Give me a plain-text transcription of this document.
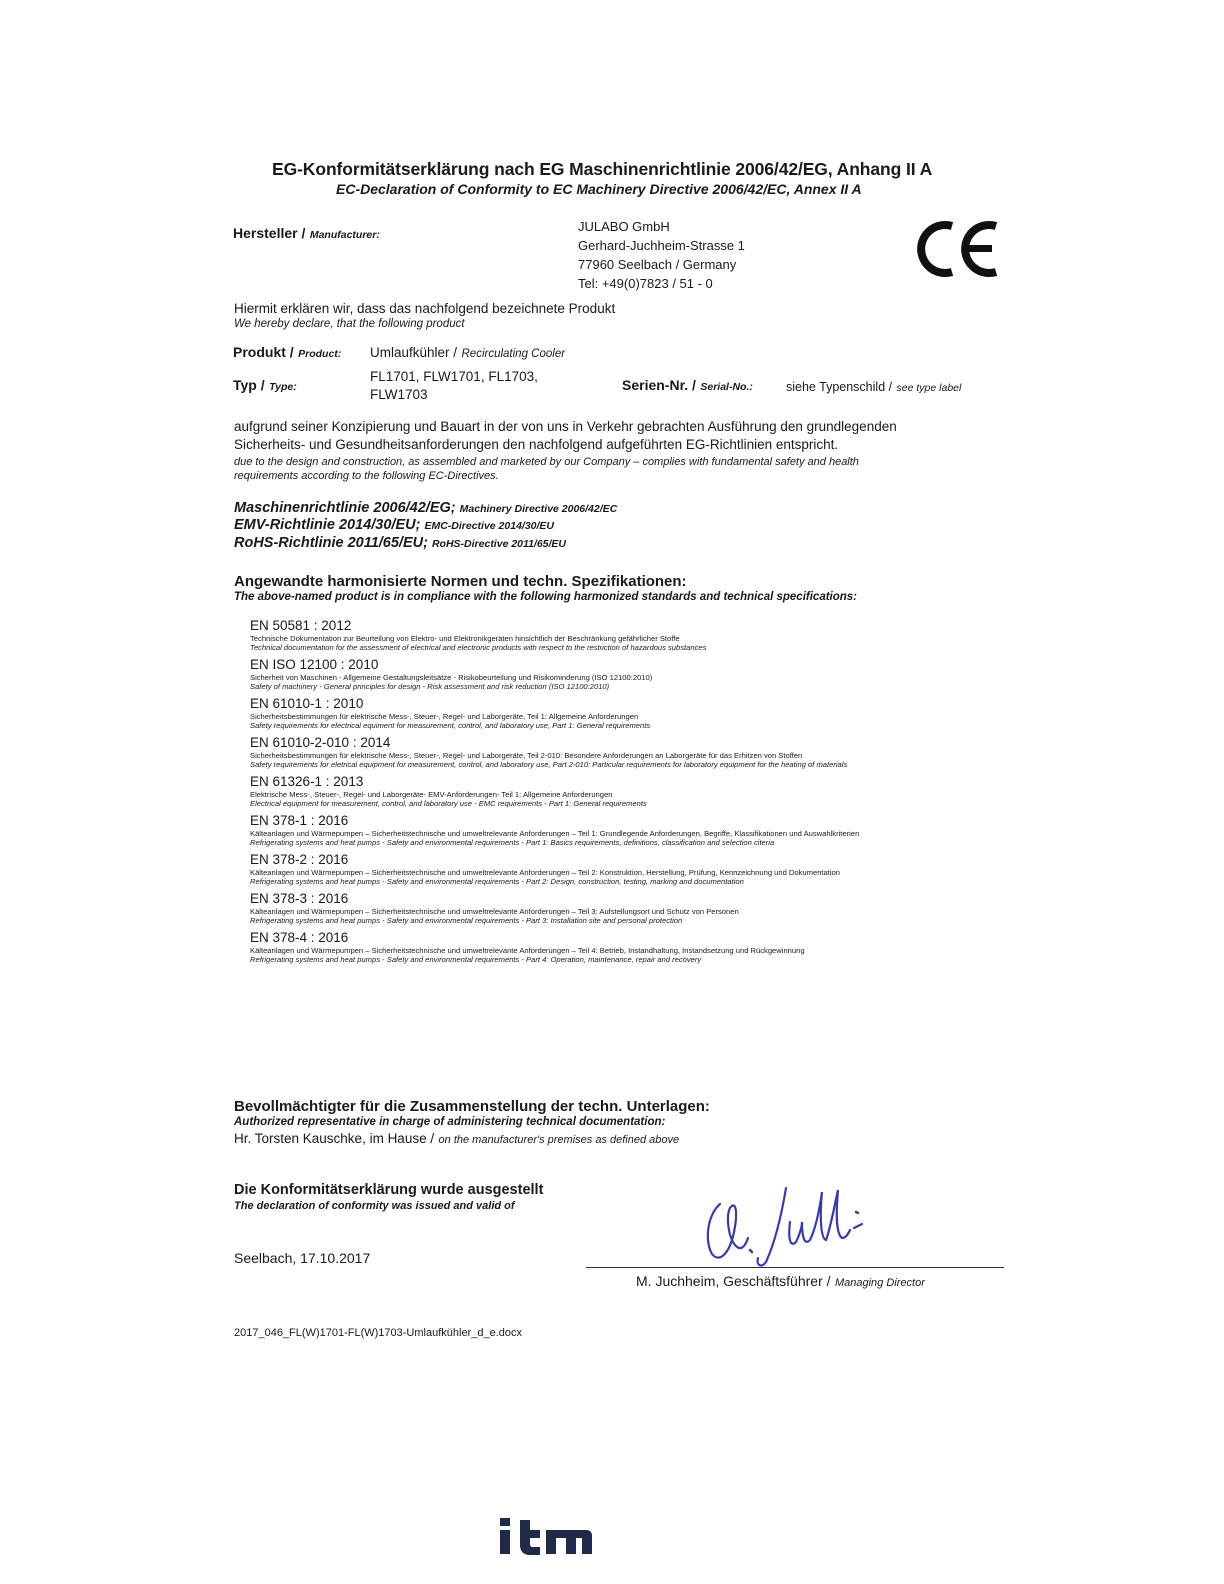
EG-Konformitätserklärung nach EG Maschinenrichtlinie 2006/42/EG, Anhang II A
EC-Declaration of Conformity to EC Machinery Directive 2006/42/EC, Annex II A
Hersteller / Manufacturer:
JULABO GmbH
Gerhard-Juchheim-Strasse 1
77960 Seelbach / Germany
Tel: +49(0)7823 / 51 - 0
Hiermit erklären wir, dass das nachfolgend bezeichnete Produkt
We hereby declare, that the following product
Produkt / Product: Umlaufkühler / Recirculating Cooler
Typ / Type:
FL1701, FLW1701, FL1703,
FLW1703
Serien-Nr. / Serial-No.:	siehe Typenschild / see type label
aufgrund seiner Konzipierung und Bauart in der von uns in Verkehr gebrachten Ausführung den grundlegenden
Sicherheits- und Gesundheitsanforderungen den nachfolgend aufgeführten EG-Richtlinien entspricht.
due to the design and construction, as assembled and marketed by our Company – complies with fundamental safety and health
requirements according to the following EC-Directives.
Maschinenrichtlinie 2006/42/EG; Machinery Directive 2006/42/EC
EMV-Richtlinie 2014/30/EU; EMC-Directive 2014/30/EU
RoHS-Richtlinie 2011/65/EU; RoHS-Directive 2011/65/EU
Angewandte harmonisierte Normen und techn. Spezifikationen:
The above-named product is in compliance with the following harmonized standards and technical specifications:
EN 50581 : 2012
Technische Dokumentation zur Beurteilung von Elektro- und Elektronikgeräten hinsichtlich der Beschränkung gefährlicher Stoffe
Technical documentation for the assessment of electrical and electronic products with respect to the restriction of hazardous substances
EN ISO 12100 : 2010
Sicherheit von Maschinen - Allgemeine Gestaltungsleitsätze - Risikobeurteilung und Risikominderung (ISO 12100:2010)
Safety of machinery - General principles for design - Risk assessment and risk reduction (ISO 12100:2010)
EN 61010-1 : 2010
Sicherheitsbestimmungen für elektrische Mess-, Steuer-, Regel- und Laborgeräte, Teil 1: Allgemeine Anforderungen
Safety requirements for electrical equiment for measurement, control, and laboratory use, Part 1: General requirements
EN 61010-2-010 : 2014
Sicherheitsbestimmungen für elektrische Mess-, Steuer-, Regel- und Laborgeräte, Teil 2-010: Besondere Anforderungen an Laborgeräte für das Erhitzen von Stoffen
Safety requirements for eletrical equipment for measurement, control, and laboratory use, Part 2-010: Particular requirements for laboratory equipment for the heating of materials
EN 61326-1 : 2013
Elektrische Mess-, Steuer-, Regel- und Laborgeräte- EMV-Anforderungen- Teil 1: Allgemeine Anforderungen
Electrical equipment for measurement, control, and laboratory use - EMC requirements - Part 1: General requirements
EN 378-1 : 2016
Kälteanlagen und Wärmepumpen – Sicherheitstechnische und umweltrelevante Anforderungen – Teil 1: Grundlegende Anforderungen, Begriffe, Klassifikationen und Auswahlkriterien
Refrigerating systems and heat pumps - Safety and environmental requirements - Part 1: Basics requirements, definitions, classification and selection citeria
EN 378-2 : 2016
Kälteanlagen und Wärmepumpen – Sicherheitstechnische und umweltrelevante Anforderungen – Teil 2: Konstruktion, Herstellung, Prüfung, Kennzeichnung und Dokumentation
Refrigerating systems and heat pumps - Safety and environmental requirements - Part 2: Design, construction, testing, marking and documentation
EN 378-3 : 2016
Kälteanlagen und Wärmepumpen – Sicherheitstechnische und umweltrelevante Anforderungen – Teil 3: Aufstellungsort und Schutz von Personen
Refrigerating systems and heat pumps - Safety and environmental requirements - Part 3: Installation site and personal protection
EN 378-4 : 2016
Kälteanlagen und Wärmepumpen – Sicherheitstechnische und umweltrelevante Anforderungen – Teil 4: Betrieb, Instandhaltung, Instandsetzung und Rückgewinnung
Refrigerating systems and heat pumps - Safety and environmental requirements - Part 4: Operation, maintenance, repair and recovery
Bevollmächtigter für die Zusammenstellung der techn. Unterlagen:
Authorized representative in charge of administering technical documentation:
Hr. Torsten Kauschke, im Hause / on the manufacturer's premises as defined above
Die Konformitätserklärung wurde ausgestellt
The declaration of conformity was issued and valid of
Seelbach, 17.10.2017
M. Juchheim, Geschäftsführer / Managing Director
2017_046_FL(W)1701-FL(W)1703-Umlaufkühler_d_e.docx
